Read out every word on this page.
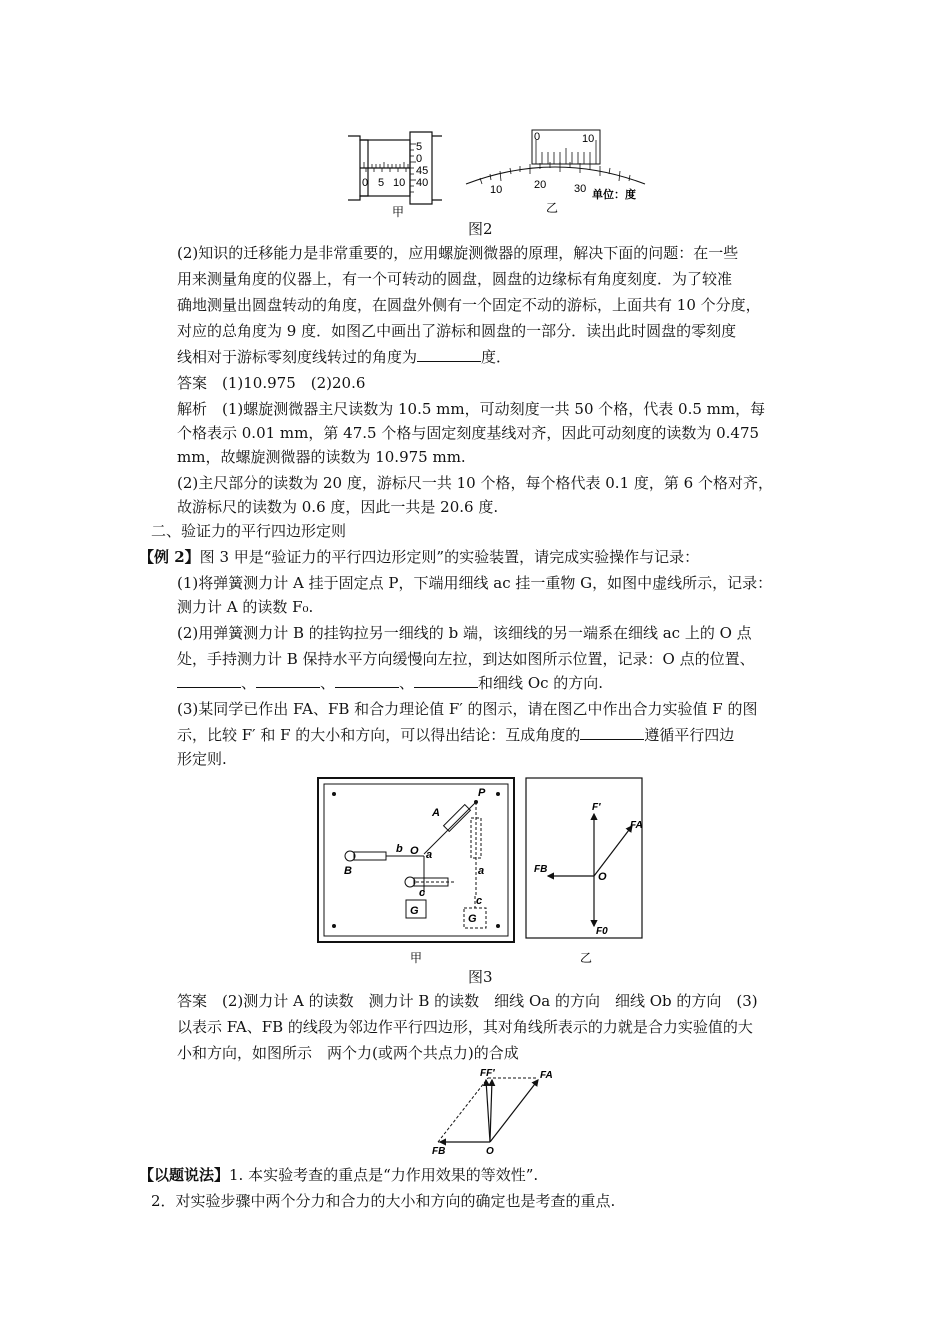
0 5 10
5
0
45
40
甲
0	10
10	20	30 单位：度
乙
图2
(2)知识的迁移能力是非常重要的，应用螺旋测微器的原理，解决下面的问题：在一些
用来测量角度的仪器上，有一个可转动的圆盘，圆盘的边缘标有角度刻度．为了较准
确地测量出圆盘转动的角度，在圆盘外侧有一个固定不动的游标，上面共有 10 个分度，
对应的总角度为 9 度．如图乙中画出了游标和圆盘的一部分．读出此时圆盘的零刻度
线相对于游标零刻度线转过的角度为	度．
答案　(1)10.975　(2)20.6
解析　(1)螺旋测微器主尺读数为 10.5 mm，可动刻度一共 50 个格，代表 0.5 mm，每
个格表示 0.01 mm，第 47.5 个格与固定刻度基线对齐，因此可动刻度的读数为 0.475
mm，故螺旋测微器的读数为 10.975 mm.
(2)主尺部分的读数为 20 度，游标尺一共 10 个格，每个格代表 0.1 度，第 6 个格对齐，
故游标尺的读数为 0.6 度，因此一共是 20.6 度.
二、验证力的平行四边形定则
【例 2】图 3 甲是“验证力的平行四边形定则”的实验装置，请完成实验操作与记录：
(1)将弹簧测力计 A 挂于固定点 P，下端用细线 ac 挂一重物 G，如图中虚线所示，记录：
测力计 A 的读数 F₀.
(2)用弹簧测力计 B 的挂钩拉另一细线的 b 端，该细线的另一端系在细线 ac 上的 O 点
处，手持测力计 B 保持水平方向缓慢向左拉，到达如图所示位置，记录：O 点的位置、
、	、	、	和细线 Oc 的方向.
(3)某同学已作出 FA、FB 和合力理论值 F′ 的图示，请在图乙中作出合力实验值 F 的图
示，比较 F′ 和 F 的大小和方向，可以得出结论：互成角度的	遵循平行四边
形定则.
P
A
O a
b
B
c
G
a
c
G
甲
F′
FA
FB
O
F0
乙
图3
答案　(2)测力计 A 的读数　测力计 B 的读数　细线 Oa 的方向　细线 Ob 的方向　(3)
以表示 FA、FB 的线段为邻边作平行四边形，其对角线所表示的力就是合力实验值的大
小和方向，如图所示　两个力(或两个共点力)的合成
FF′	FA
FB	O
【以题说法】1. 本实验考查的重点是“力作用效果的等效性”.
2．对实验步骤中两个分力和合力的大小和方向的确定也是考查的重点.
